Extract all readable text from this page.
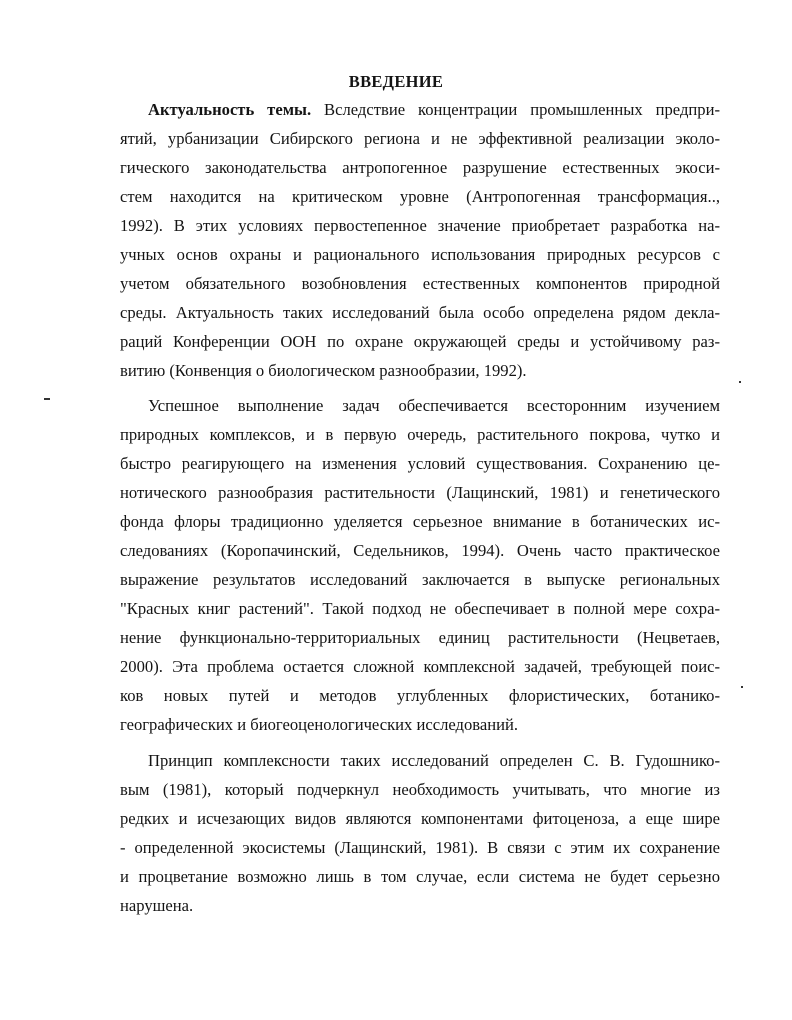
ВВЕДЕНИЕ
Актуальность темы. Вследствие концентрации промышленных предпри-
ятий, урбанизации Сибирского региона и не эффективной реализации эколо-
гического законодательства антропогенное разрушение естественных экоси-
стем находится на критическом уровне (Антропогенная трансформация..,
1992). В этих условиях первостепенное значение приобретает разработка на-
учных основ охраны и рационального использования природных ресурсов с
учетом обязательного возобновления естественных компонентов природной
среды. Актуальность таких исследований была особо определена рядом декла-
раций Конференции ООН по охране окружающей среды и устойчивому раз-
витию (Конвенция о биологическом разнообразии, 1992).
Успешное выполнение задач обеспечивается всесторонним изучением
природных комплексов, и в первую очередь, растительного покрова, чутко и
быстро реагирующего на изменения условий существования. Сохранению це-
нотического разнообразия растительности (Лащинский, 1981) и генетического
фонда флоры традиционно уделяется серьезное внимание в ботанических ис-
следованиях (Коропачинский, Седельников, 1994). Очень часто практическое
выражение результатов исследований заключается в выпуске региональных
"Красных книг растений". Такой подход не обеспечивает в полной мере сохра-
нение функционально-территориальных единиц растительности (Нецветаев,
2000). Эта проблема остается сложной комплексной задачей, требующей поис-
ков новых путей и методов углубленных флористических, ботанико-
географических и биогеоценологических исследований.
Принцип комплексности таких исследований определен С. В. Гудошнико-
вым (1981), который подчеркнул необходимость учитывать, что многие из
редких и исчезающих видов являются компонентами фитоценоза, а еще шире
- определенной экосистемы (Лащинский, 1981). В связи с этим их сохранение
и процветание возможно лишь в том случае, если система не будет серьезно
нарушена.
